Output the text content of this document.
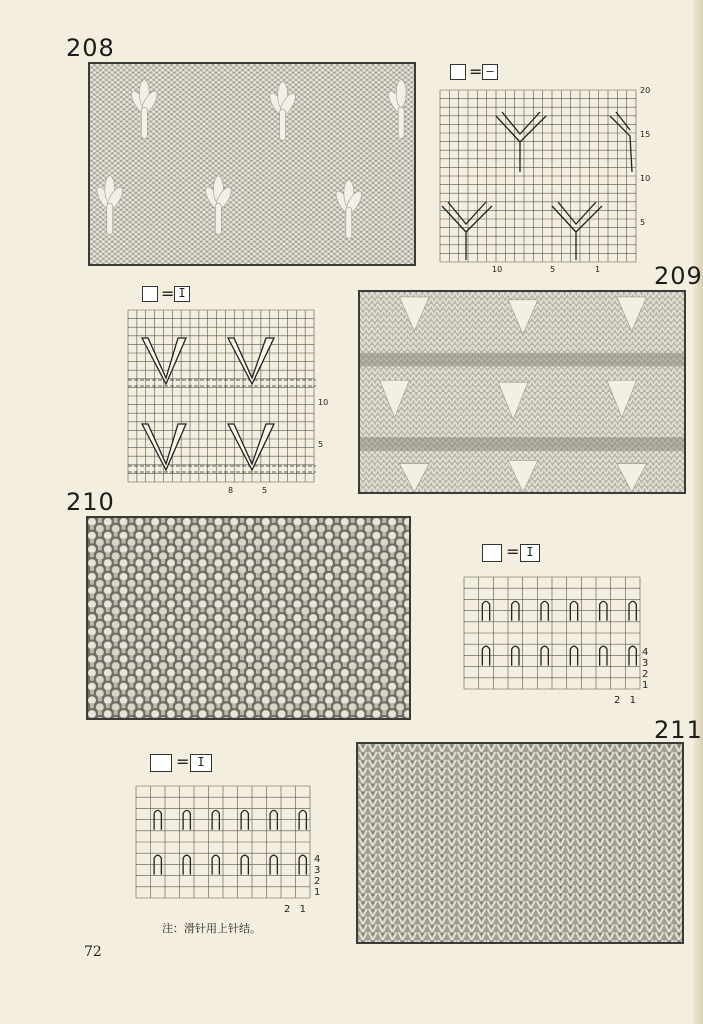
208
= —
20
15
10
5
10	5	1 209
= I
10
5
8	5
210
= I
4
3
2
1
2 1
211
= I
4
3
2
1
2 1
注：滑针用上针结。
72
